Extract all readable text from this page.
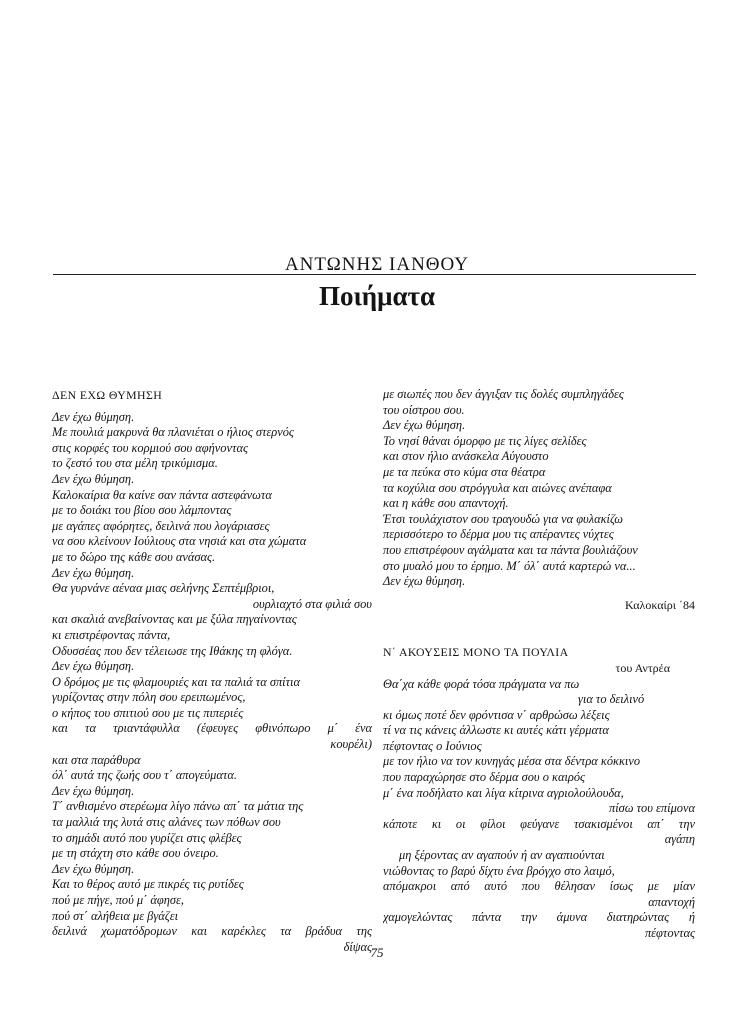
ΑΝΤΩΝΗΣ ΙΑΝΘΟΥ
Ποιήματα
ΔΕΝ ΕΧΩ ΘΥΜΗΣΗ
Δεν έχω θύμηση.
Με πουλιά μακρυνά θα πλανιέται ο ήλιος στερνός
στις κορφές του κορμιού σου αφήνοντας
το ζεστό του στα μέλη τρικύμισμα.
Δεν έχω θύμηση.
Καλοκαίρια θα καίνε σαν πάντα αστεφάνωτα
με το δοιάκι του βίου σου λάμποντας
με αγάπες αφόρητες, δειλινά που λογάριασες
να σου κλείνουν Ιούλιους στα νησιά και στα χώματα
με το δώρο της κάθε σου ανάσας.
Δεν έχω θύμηση.
Θα γυρνάνε αέναα μιας σελήνης Σεπτέμβριοι,
ουρλιαχτό στα φιλιά σου
και σκαλιά ανεβαίνοντας και με ξύλα πηγαίνοντας
κι επιστρέφοντας πάντα,
Οδυσσέας που δεν τέλειωσε της Ιθάκης τη φλόγα.
Δεν έχω θύμηση.
Ο δρόμος με τις φλαμουριές και τα παλιά τα σπίτια
γυρίζοντας στην πόλη σου ερειπωμένος,
ο κήπος του σπιτιού σου με τις πιπεριές
και τα τριαντάφυλλα (έφευγες φθινόπωρο μ΄ ένα
κουρέλι)
και στα παράθυρα
όλ΄ αυτά της ζωής σου τ΄ απογεύματα.
Δεν έχω θύμηση.
Τ΄ ανθισμένο στερέωμα λίγο πάνω απ΄ τα μάτια της
τα μαλλιά της λυτά στις αλάνες των πόθων σου
το σημάδι αυτό που γυρίζει στις φλέβες
με τη στάχτη στο κάθε σου όνειρο.
Δεν έχω θύμηση.
Και το θέρος αυτό με πικρές τις ρυτίδες
πού με πήγε, πού μ΄ άφησε,
πού στ΄ αλήθεια με βγάζει
δειλινά χωματόδρομων και καρέκλες τα βράδυα της
δίψας
με σιωπές που δεν άγγιξαν τις δολές συμπληγάδες
του οίστρου σου.
Δεν έχω θύμηση.
Το νησί θάναι όμορφο με τις λίγες σελίδες
και στον ήλιο ανάσκελα Αύγουστο
με τα πεύκα στο κύμα στα θέατρα
τα κοχύλια σου στρόγγυλα και αιώνες ανέπαφα
και η κάθε σου απαντοχή.
Έτσι τουλάχιστον σου τραγουδώ για να φυλακίζω
περισσότερο το δέρμα μου τις απέραντες νύχτες
που επιστρέφουν αγάλματα και τα πάντα βουλιάζουν
στο μυαλό μου το έρημο. Μ΄ όλ΄ αυτά καρτερώ να...
Δεν έχω θύμηση.
Καλοκαίρι ΄84
Ν΄ ΑΚΟΥΣΕΙΣ ΜΟΝΟ ΤΑ ΠΟΥΛΙΑ
του Αντρέα
Θα΄χα κάθε φορά τόσα πράγματα να πω
για το δειλινό
κι όμως ποτέ δεν φρόντισα ν΄ αρθρώσω λέξεις
τί να τις κάνεις άλλωστε κι αυτές κάτι γέρματα
πέφτοντας ο Ιούνιος
με τον ήλιο να τον κυνηγάς μέσα στα δέντρα κόκκινο
που παραχώρησε στο δέρμα σου ο καιρός
μ΄ ένα ποδήλατο και λίγα κίτρινα αγριολούλουδα,
πίσω του επίμονα
κάποτε κι οι φίλοι φεύγανε τσακισμένοι απ΄ την
αγάπη
μη ξέροντας αν αγαπούν ή αν αγαπιούνται
νιώθοντας το βαρύ δίχτυ ένα βρόγχο στο λαιμό,
απόμακροι από αυτό που θέλησαν ίσως με μίαν
απαντοχή
χαμογελώντας πάντα την άμυνα διατηρώντας ή
πέφτοντας
75
